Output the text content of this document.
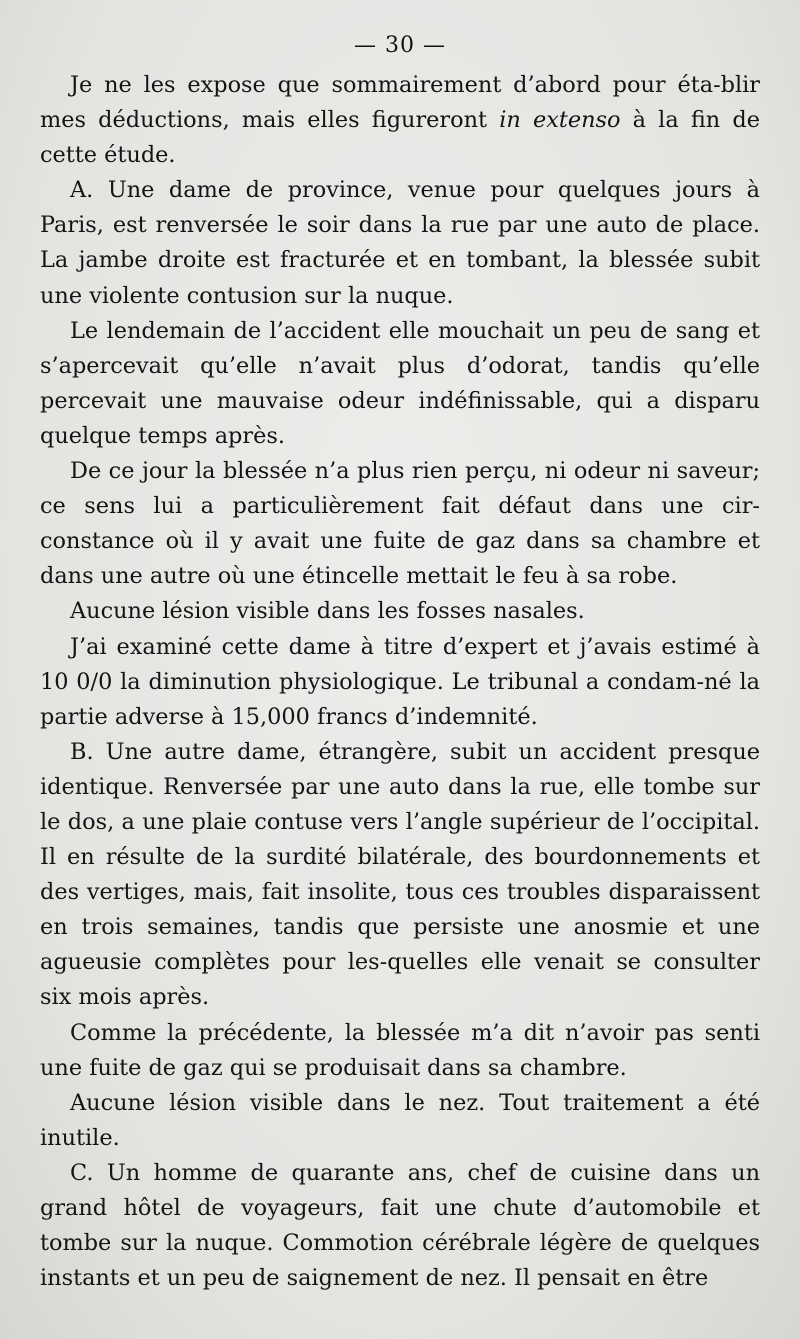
— 30 —

Je ne les expose que sommairement d’abord pour éta-blir mes déductions, mais elles figureront in extenso à la fin de cette étude.

A. Une dame de province, venue pour quelques jours à Paris, est renversée le soir dans la rue par une auto de place. La jambe droite est fracturée et en tombant, la blessée subit une violente contusion sur la nuque.

Le lendemain de l’accident elle mouchait un peu de sang et s’apercevait qu’elle n’avait plus d’odorat, tandis qu’elle percevait une mauvaise odeur indéfinissable, qui a disparu quelque temps après.

De ce jour la blessée n’a plus rien perçu, ni odeur ni saveur; ce sens lui a particulièrement fait défaut dans une cir-constance où il y avait une fuite de gaz dans sa chambre et dans une autre où une étincelle mettait le feu à sa robe.

Aucune lésion visible dans les fosses nasales.

J’ai examiné cette dame à titre d’expert et j’avais estimé à 10 0/0 la diminution physiologique. Le tribunal a condam-né la partie adverse à 15,000 francs d’indemnité.

B. Une autre dame, étrangère, subit un accident presque identique. Renversée par une auto dans la rue, elle tombe sur le dos, a une plaie contuse vers l’angle supérieur de l’occipital. Il en résulte de la surdité bilatérale, des bourdonnements et des vertiges, mais, fait insolite, tous ces troubles disparaissent en trois semaines, tandis que persiste une anosmie et une agueusie complètes pour les-quelles elle venait se consulter six mois après.

Comme la précédente, la blessée m’a dit n’avoir pas senti une fuite de gaz qui se produisait dans sa chambre.

Aucune lésion visible dans le nez. Tout traitement a été inutile.

C. Un homme de quarante ans, chef de cuisine dans un grand hôtel de voyageurs, fait une chute d’automobile et tombe sur la nuque. Commotion cérébrale légère de quelques instants et un peu de saignement de nez. Il pensait en être
